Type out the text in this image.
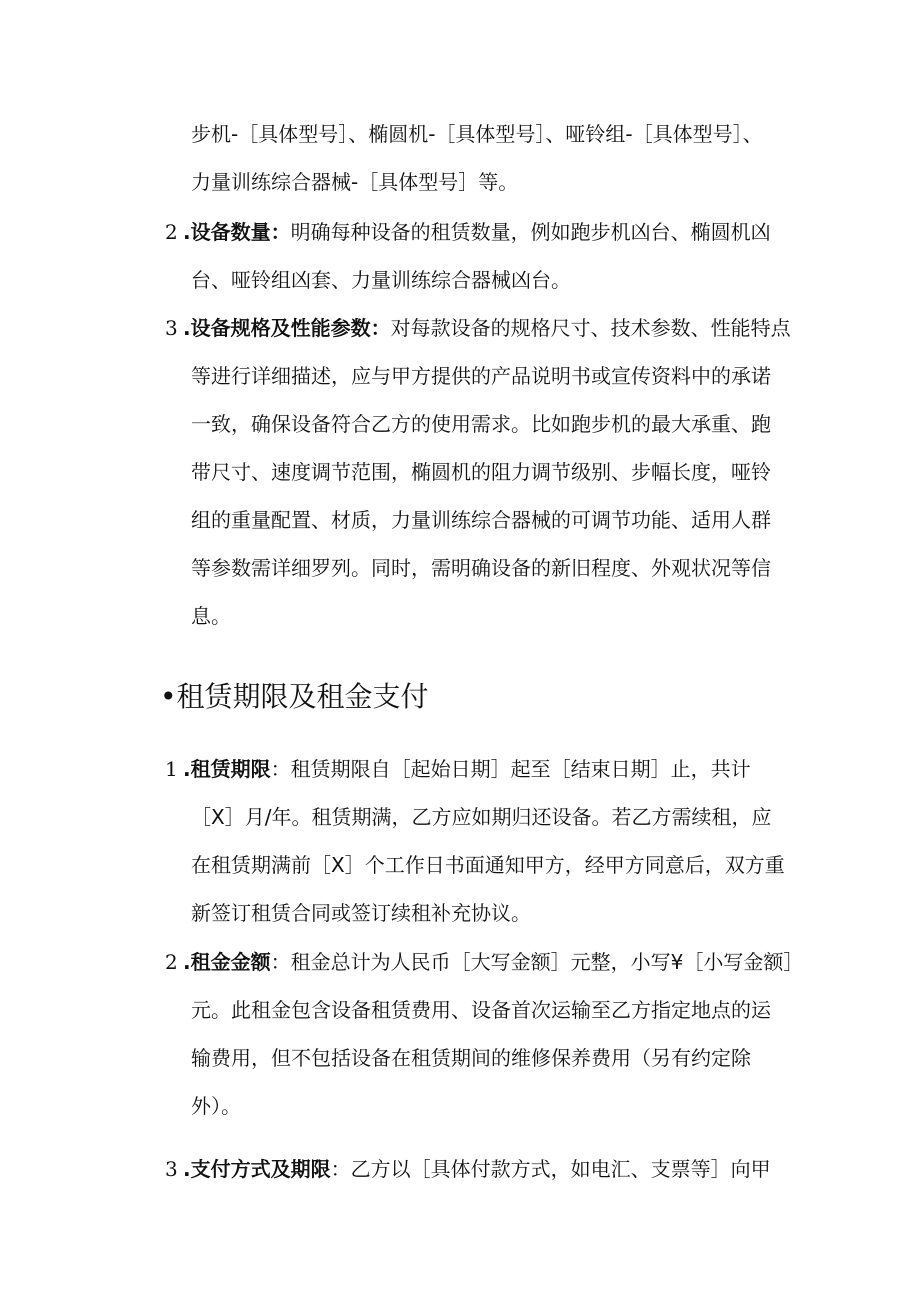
步机-［具体型号］、椭圆机-［具体型号］、哑铃组-［具体型号］、
力量训练综合器械-［具体型号］等。
2 .设备数量：明确每种设备的租赁数量，例如跑步机凶台、椭圆机凶
台、哑铃组凶套、力量训练综合器械凶台。
3 .设备规格及性能参数：对每款设备的规格尺寸、技术参数、性能特点
等进行详细描述，应与甲方提供的产品说明书或宣传资料中的承诺
一致，确保设备符合乙方的使用需求。比如跑步机的最大承重、跑
带尺寸、速度调节范围，椭圆机的阻力调节级别、步幅长度，哑铃
组的重量配置、材质，力量训练综合器械的可调节功能、适用人群
等参数需详细罗列。同时，需明确设备的新旧程度、外观状况等信
息。
•租赁期限及租金支付
1 .租赁期限：租赁期限自［起始日期］起至［结束日期］止，共计
［X］月/年。租赁期满，乙方应如期归还设备。若乙方需续租，应
在租赁期满前［X］个工作日书面通知甲方，经甲方同意后，双方重
新签订租赁合同或签订续租补充协议。
2 .租金金额：租金总计为人民币［大写金额］元整，小写¥［小写金额］
元。此租金包含设备租赁费用、设备首次运输至乙方指定地点的运
输费用，但不包括设备在租赁期间的维修保养费用（另有约定除
外）。
3 .支付方式及期限：乙方以［具体付款方式，如电汇、支票等］向甲
